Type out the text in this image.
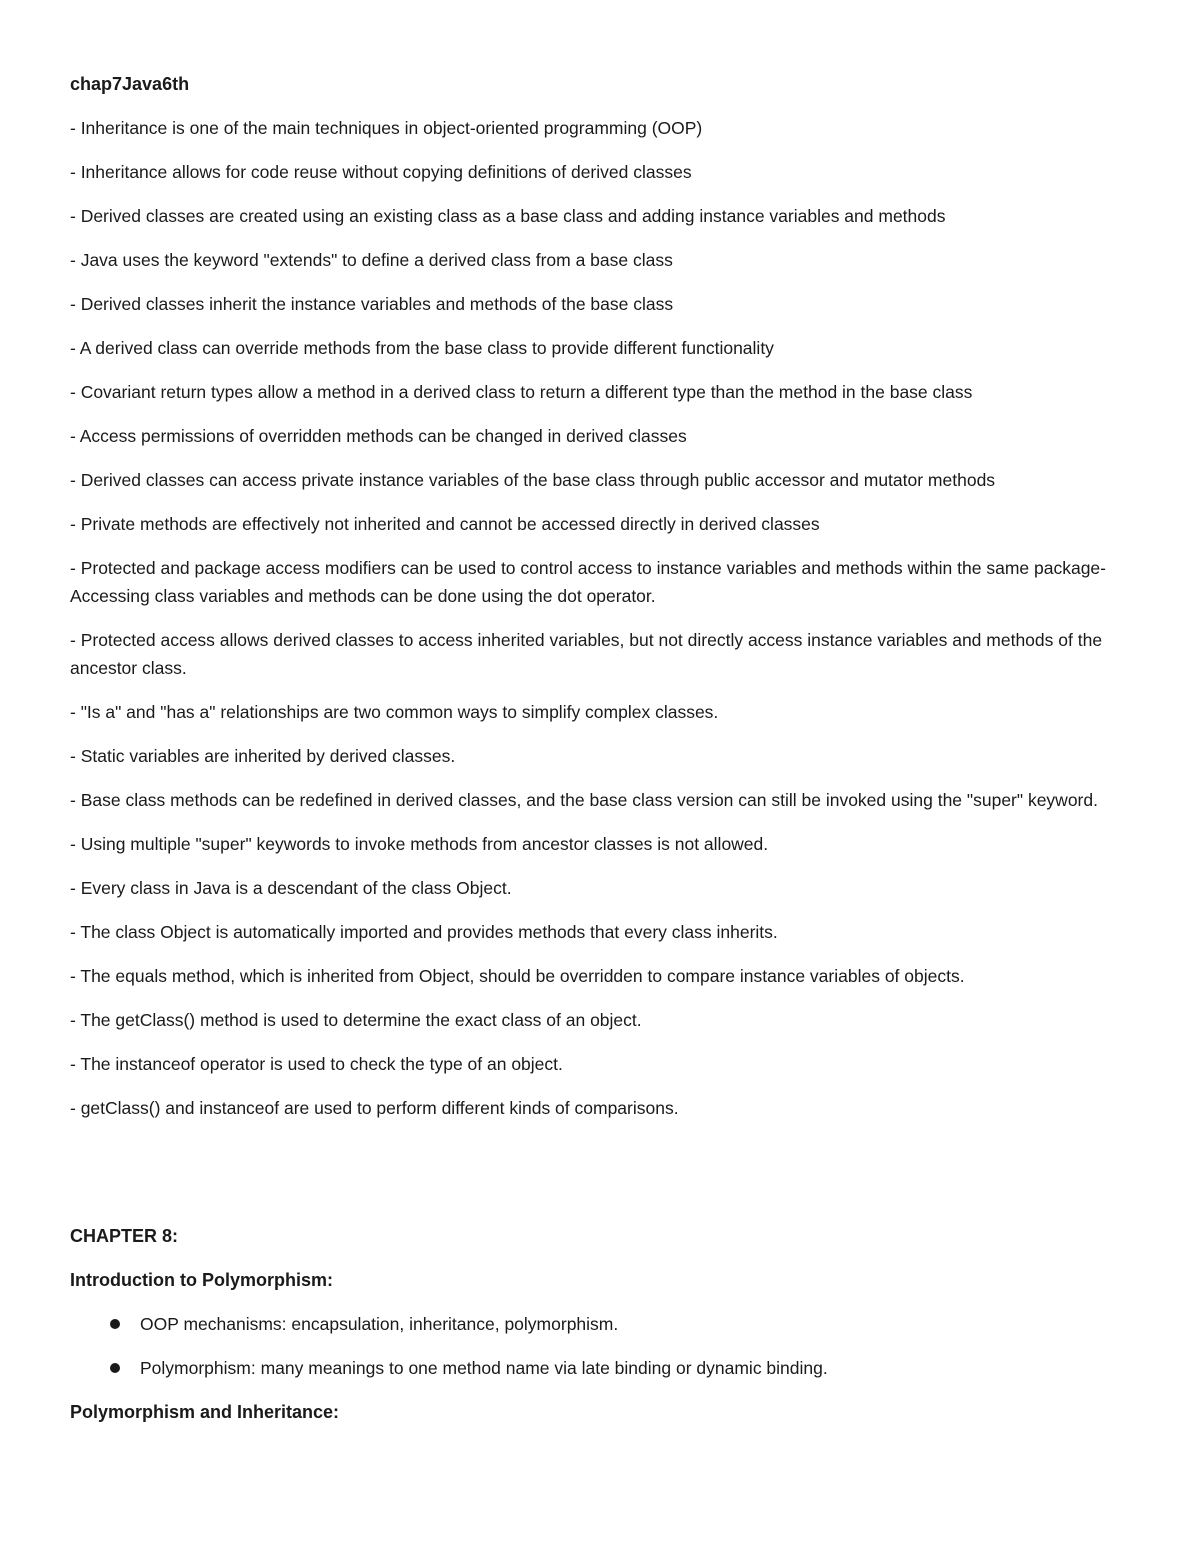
chap7Java6th

- Inheritance is one of the main techniques in object-oriented programming (OOP)

- Inheritance allows for code reuse without copying definitions of derived classes

- Derived classes are created using an existing class as a base class and adding instance variables and methods

- Java uses the keyword "extends" to define a derived class from a base class

- Derived classes inherit the instance variables and methods of the base class

- A derived class can override methods from the base class to provide different functionality

- Covariant return types allow a method in a derived class to return a different type than the method in the base class

- Access permissions of overridden methods can be changed in derived classes

- Derived classes can access private instance variables of the base class through public accessor and mutator methods

- Private methods are effectively not inherited and cannot be accessed directly in derived classes

- Protected and package access modifiers can be used to control access to instance variables and methods within the same package- Accessing class variables and methods can be done using the dot operator.

- Protected access allows derived classes to access inherited variables, but not directly access instance variables and methods of the ancestor class.

- "Is a" and "has a" relationships are two common ways to simplify complex classes.

- Static variables are inherited by derived classes.

- Base class methods can be redefined in derived classes, and the base class version can still be invoked using the "super" keyword.

- Using multiple "super" keywords to invoke methods from ancestor classes is not allowed.

- Every class in Java is a descendant of the class Object.

- The class Object is automatically imported and provides methods that every class inherits.

- The equals method, which is inherited from Object, should be overridden to compare instance variables of objects.

- The getClass() method is used to determine the exact class of an object.

- The instanceof operator is used to check the type of an object.

- getClass() and instanceof are used to perform different kinds of comparisons.

CHAPTER 8:
Introduction to Polymorphism:
OOP mechanisms: encapsulation, inheritance, polymorphism.
Polymorphism: many meanings to one method name via late binding or dynamic binding.
Polymorphism and Inheritance:
